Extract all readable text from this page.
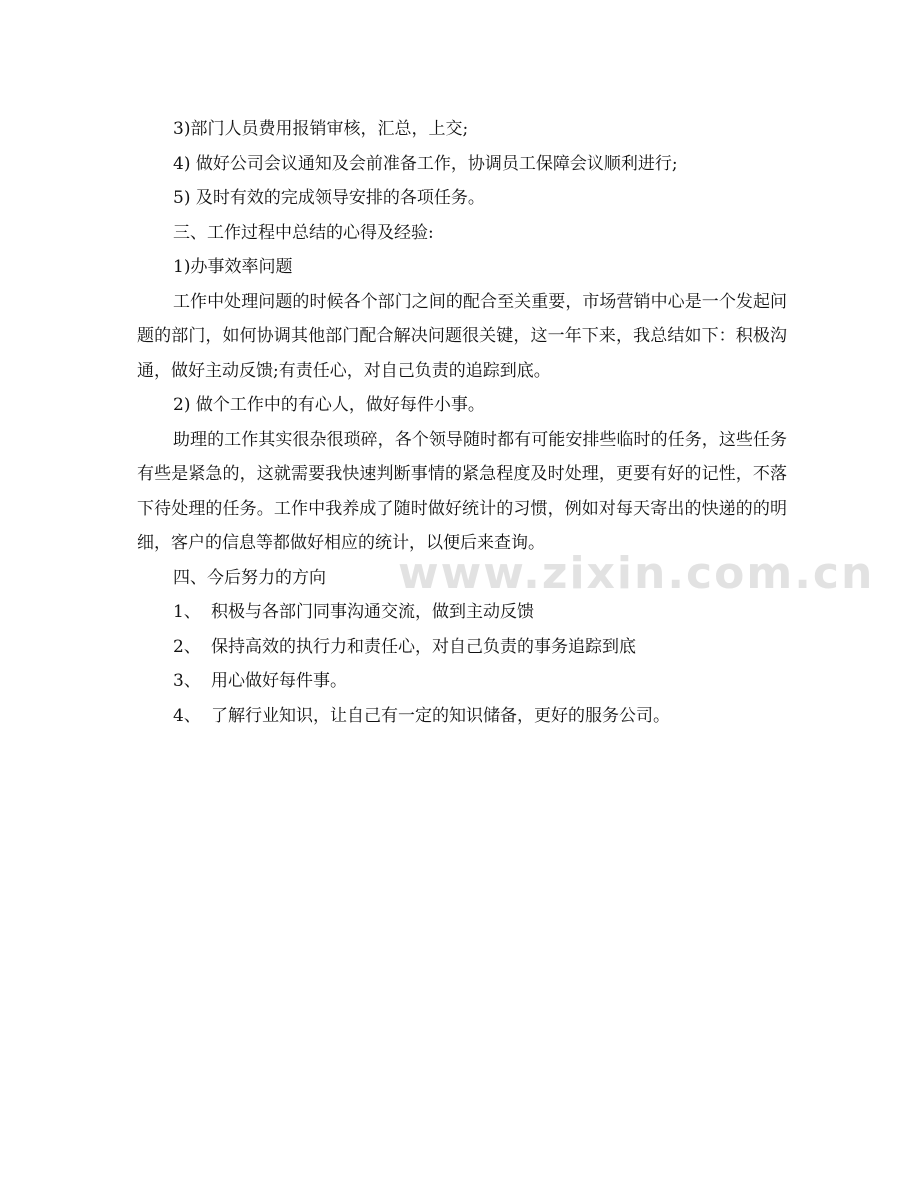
3)部门人员费用报销审核，汇总，上交;

4) 做好公司会议通知及会前准备工作，协调员工保障会议顺利进行;

5) 及时有效的完成领导安排的各项任务。

三、工作过程中总结的心得及经验:

1)办事效率问题

工作中处理问题的时候各个部门之间的配合至关重要，市场营销中心是一个发起问题的部门，如何协调其他部门配合解决问题很关键，这一年下来，我总结如下：积极沟通，做好主动反馈;有责任心，对自己负责的追踪到底。

2) 做个工作中的有心人，做好每件小事。

助理的工作其实很杂很琐碎，各个领导随时都有可能安排些临时的任务，这些任务有些是紧急的，这就需要我快速判断事情的紧急程度及时处理，更要有好的记性，不落下待处理的任务。工作中我养成了随时做好统计的习惯，例如对每天寄出的快递的的明细，客户的信息等都做好相应的统计，以便后来查询。

四、今后努力的方向

1、 积极与各部门同事沟通交流，做到主动反馈

2、 保持高效的执行力和责任心，对自己负责的事务追踪到底

3、 用心做好每件事。

4、 了解行业知识，让自己有一定的知识储备，更好的服务公司。

www.zixin.com.cn
